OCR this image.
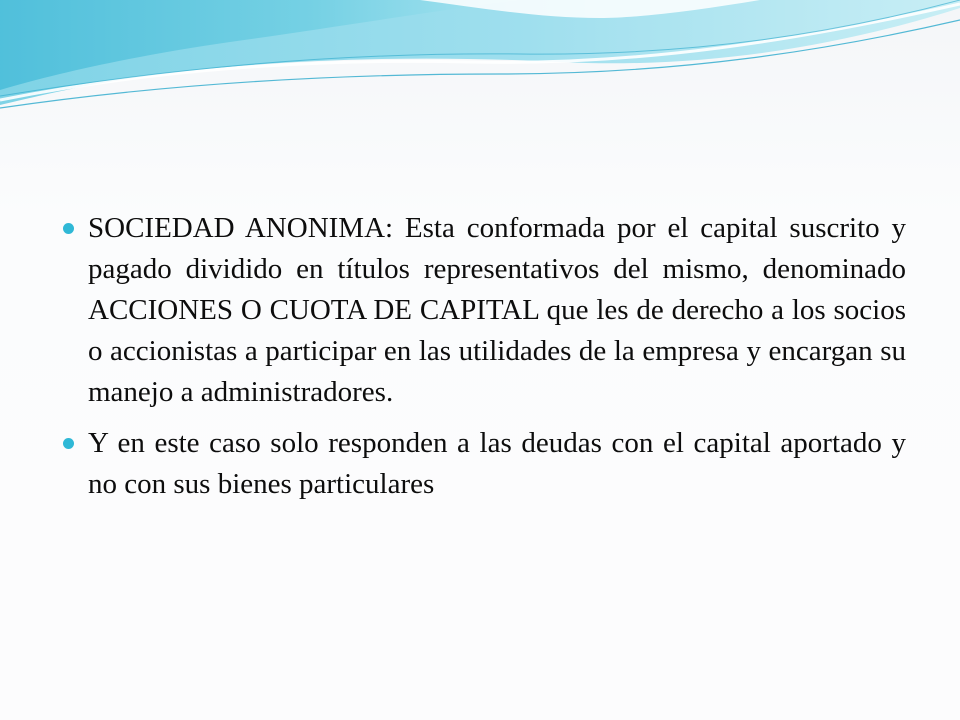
SOCIEDAD ANONIMA: Esta conformada por el capital suscrito y pagado dividido en títulos representativos del mismo, denominado ACCIONES O CUOTA DE CAPITAL que les de derecho a los socios o accionistas a participar en las utilidades de la empresa y encargan su manejo a administradores.
Y en este caso solo responden a las deudas con el capital aportado y no con sus bienes particulares
